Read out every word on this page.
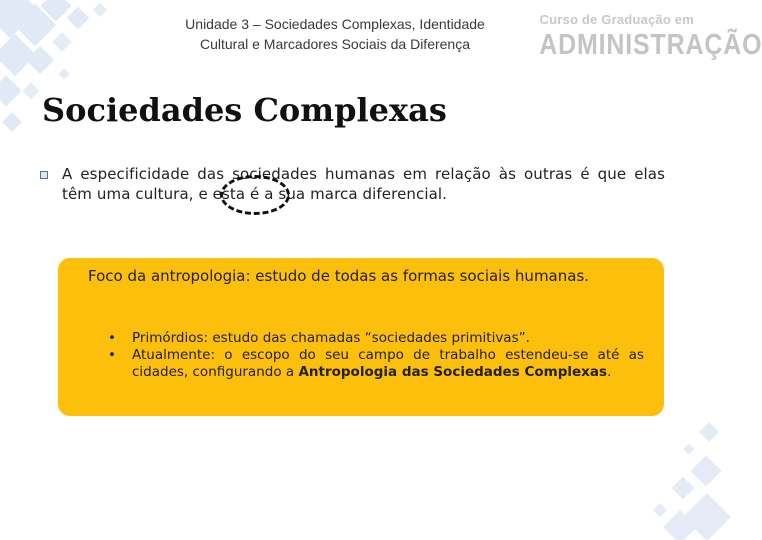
Unidade 3 – Sociedades Complexas, Identidade
Cultural e Marcadores Sociais da Diferença
Curso de Graduação em
ADMINISTRAÇÃO
Sociedades Complexas
A especificidade das sociedades humanas em relação às outras é que elas têm uma cultura, e esta é a sua marca diferencial.
Foco da antropologia: estudo de todas as formas sociais humanas.
• Primórdios: estudo das chamadas “sociedades primitivas”.
• Atualmente: o escopo do seu campo de trabalho estendeu-se até as cidades, configurando a Antropologia das Sociedades Complexas.
